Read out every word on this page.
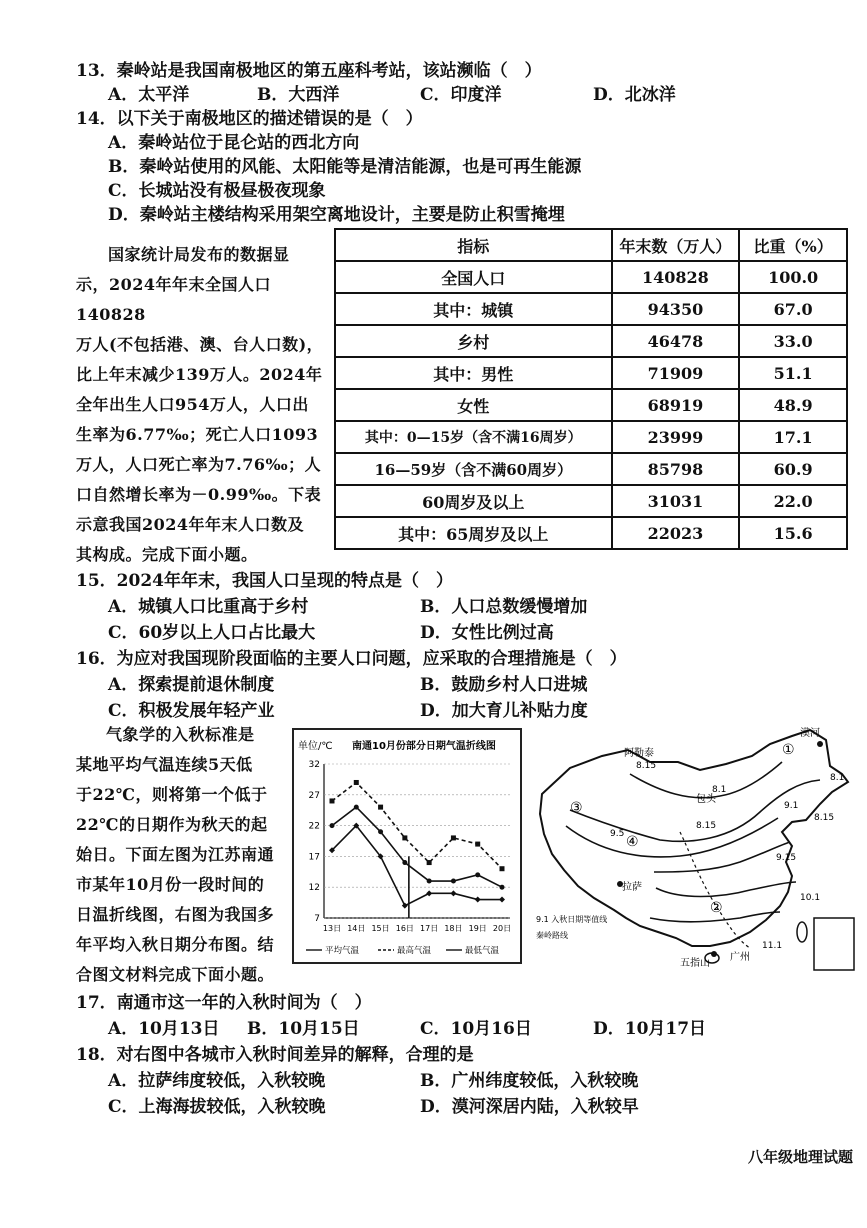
13．秦岭站是我国南极地区的第五座科考站，该站濒临（　）
A．太平洋	B．大西洋	C．印度洋	D．北冰洋
14．以下关于南极地区的描述错误的是（　）
A．秦岭站位于昆仑站的西北方向
B．秦岭站使用的风能、太阳能等是清洁能源，也是可再生能源
C．长城站没有极昼极夜现象
D．秦岭站主楼结构采用架空离地设计，主要是防止积雪掩埋
国家统计局发布的数据显
示，2024年年末全国人口140828
万人(不包括港、澳、台人口数)，
比上年末减少139万人。2024年
全年出生人口954万人，人口出
生率为6.77‰；死亡人口1093
万人，人口死亡率为7.76‰；人
口自然增长率为－0.99‰。下表
示意我国2024年年末人口数及
其构成。完成下面小题。
指标	年末数（万人）	比重（%）
全国人口	140828	100.0
其中：城镇	94350	67.0
乡村	46478	33.0
其中：男性	71909	51.1
女性	68919	48.9
其中：0—15岁（含不满16周岁）	23999	17.1
16—59岁（含不满60周岁）	85798	60.9
60周岁及以上	31031	22.0
其中：65周岁及以上	22023	15.6
15．2024年年末，我国人口呈现的特点是（　）
A．城镇人口比重高于乡村	B．人口总数缓慢增加
C．60岁以上人口占比最大	D．女性比例过高
16．为应对我国现阶段面临的主要人口问题，应采取的合理措施是（　）
A．探索提前退休制度	B．鼓励乡村人口进城
C．积极发展年轻产业	D．加大育儿补贴力度
气象学的入秋标准是
某地平均气温连续5天低
于22℃，则将第一个低于
22℃的日期作为秋天的起
始日。下面左图为江苏南通
市某年10月份一段时间的
日温折线图，右图为我国多
年平均入秋日期分布图。结
合图文材料完成下面小题。
单位/℃ 南通10月份部分日期气温折线图
7
12
17
22
27
32
13日 14日 15日 16日 17日 18日 19日 20日
平均气温	最高气温	最低气温
漠河
阿勒泰
包头
拉萨
广州
五指山
8.15
8.1
8.1
8.15
8.15
9.1
9.5
9.15
10.1
11.1
①
②
③
④
9.1 入秋日期等值线
秦岭路线
17．南通市这一年的入秋时间为（　）
A．10月13日 B．10月15日	C．10月16日	D．10月17日
18．对右图中各城市入秋时间差异的解释，合理的是
A．拉萨纬度较低，入秋较晚	B．广州纬度较低，入秋较晚
C．上海海拔较低，入秋较晚	D．漠河深居内陆，入秋较早
八年级地理试题
